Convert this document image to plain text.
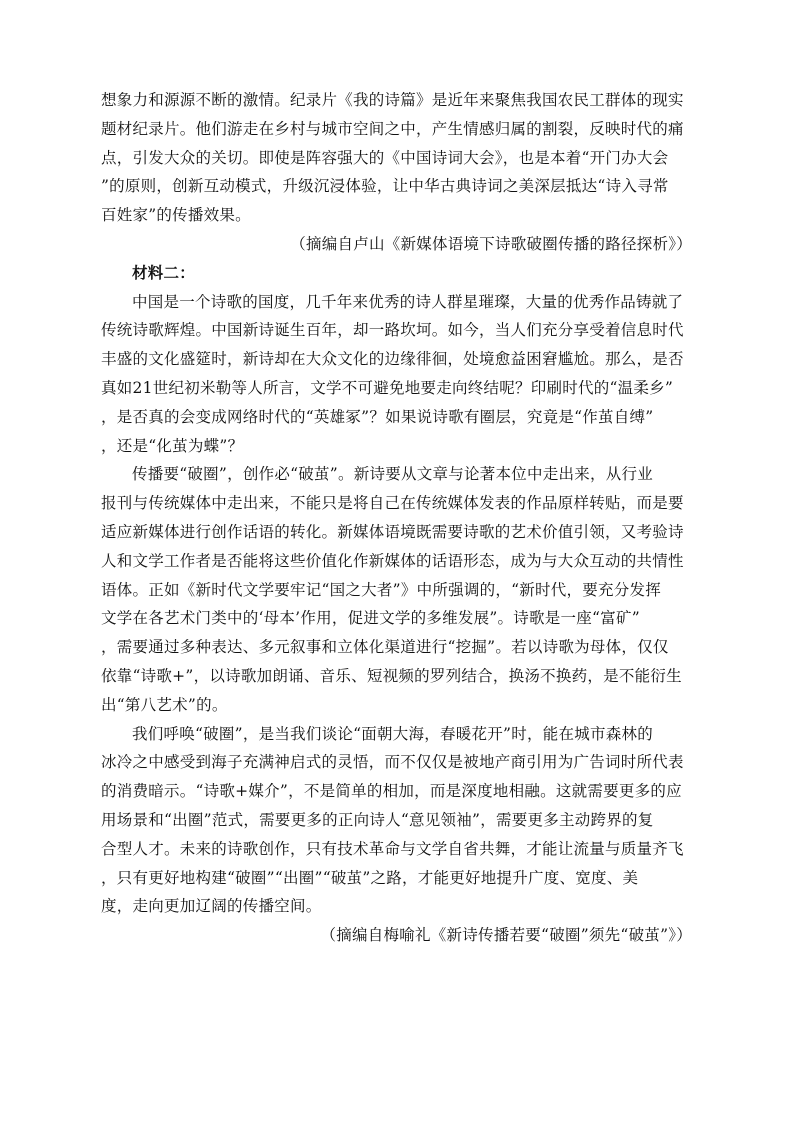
想象力和源源不断的激情。纪录片《我的诗篇》是近年来聚焦我国农民工群体的现实
题材纪录片。他们游走在乡村与城市空间之中，产生情感归属的割裂，反映时代的痛
点，引发大众的关切。即使是阵容强大的《中国诗词大会》，也是本着“开门办大会
”的原则，创新互动模式，升级沉浸体验，让中华古典诗词之美深层抵达“诗入寻常
百姓家”的传播效果。
（摘编自卢山《新媒体语境下诗歌破圈传播的路径探析》）
材料二：
中国是一个诗歌的国度，几千年来优秀的诗人群星璀璨，大量的优秀作品铸就了
传统诗歌辉煌。中国新诗诞生百年，却一路坎坷。如今，当人们充分享受着信息时代
丰盛的文化盛筵时，新诗却在大众文化的边缘徘徊，处境愈益困窘尴尬。那么，是否
真如21世纪初米勒等人所言，文学不可避免地要走向终结呢？印刷时代的“温柔乡”
，是否真的会变成网络时代的“英雄冢”？如果说诗歌有圈层，究竟是“作茧自缚”
，还是“化茧为蝶”？
传播要“破圈”，创作必“破茧”。新诗要从文章与论著本位中走出来，从行业
报刊与传统媒体中走出来，不能只是将自己在传统媒体发表的作品原样转贴，而是要
适应新媒体进行创作话语的转化。新媒体语境既需要诗歌的艺术价值引领，又考验诗
人和文学工作者是否能将这些价值化作新媒体的话语形态，成为与大众互动的共情性
语体。正如《新时代文学要牢记“国之大者”》中所强调的，“新时代，要充分发挥
文学在各艺术门类中的‘母本’作用，促进文学的多维发展”。诗歌是一座“富矿”
，需要通过多种表达、多元叙事和立体化渠道进行“挖掘”。若以诗歌为母体，仅仅
依靠“诗歌+”，以诗歌加朗诵、音乐、短视频的罗列结合，换汤不换药，是不能衍生
出“第八艺术”的。
我们呼唤“破圈”，是当我们谈论“面朝大海，春暖花开”时，能在城市森林的
冰冷之中感受到海子充满神启式的灵悟，而不仅仅是被地产商引用为广告词时所代表
的消费暗示。“诗歌+媒介”，不是简单的相加，而是深度地相融。这就需要更多的应
用场景和“出圈”范式，需要更多的正向诗人“意见领袖”，需要更多主动跨界的复
合型人才。未来的诗歌创作，只有技术革命与文学自省共舞，才能让流量与质量齐飞
，只有更好地构建“破圈”“出圈”“破茧”之路，才能更好地提升广度、宽度、美
度，走向更加辽阔的传播空间。
（摘编自梅喻礼《新诗传播若要“破圈”须先“破茧”》）
